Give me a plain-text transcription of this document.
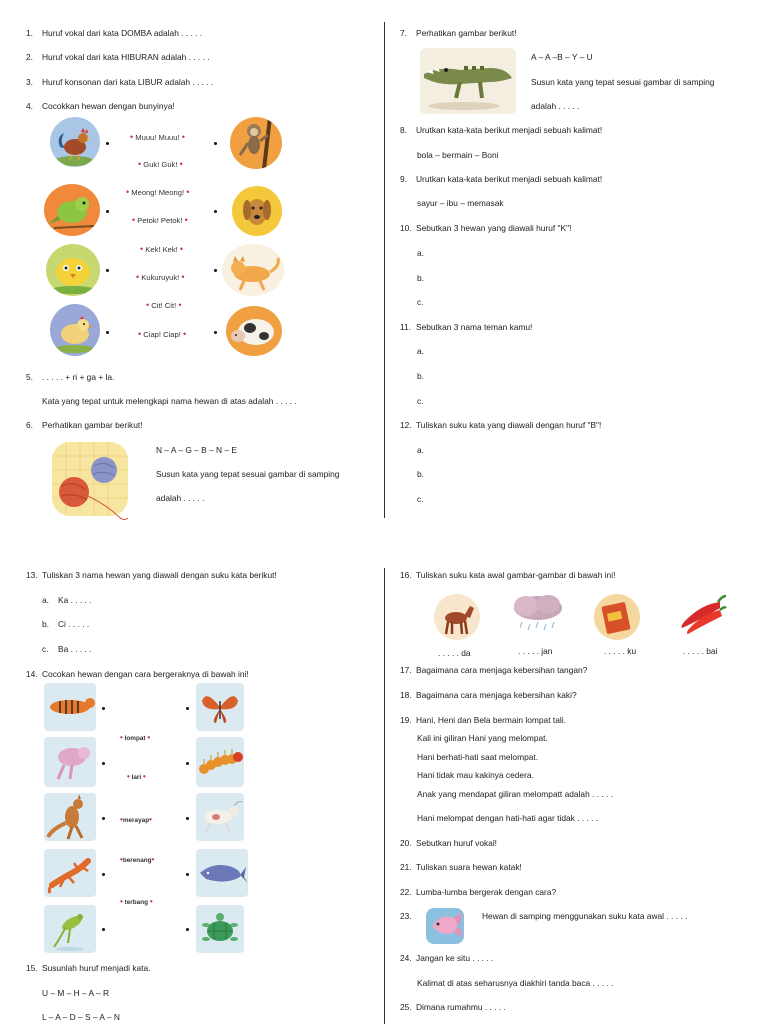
1. Huruf vokal dari kata DOMBA adalah . . . . .
2. Huruf vokal dari kata HIBURAN adalah . . . . .
3. Huruf konsonan dari kata LIBUR adalah . . . . .
4. Cocokkan hewan dengan bunyinya!
• Muuu! Muuu! •
• Guk! Guk! •
• Meong! Meong! •
• Petok! Petok! •
• Kek! Kek! •
• Kukuruyuk! •
• Cit! Cit! •
• Ciap! Ciap! •
5. . . . . . + ri + ga + la.
Kata yang tepat untuk melengkapi nama hewan di atas adalah . . . . .
6. Perhatikan gambar berikut!
N – A – G – B – N – E
Susun kata yang tepat sesuai gambar di samping
adalah . . . . .
7. Perhatikan gambar berikut!
A – A –B – Y – U
Susun kata yang tepat sesuai gambar di samping
adalah . . . . .
8. Urutkan kata-kata berikut menjadi sebuah kalimat!
bola – bermain – Boni
9. Urutkan kata-kata berikut menjadi sebuah kalimat!
sayur – ibu – memasak
10. Sebutkan 3 hewan yang diawali huruf "K"!
a.
b.
c.
11. Sebutkan 3 nama teman kamu!
a.
b.
c.
12. Tuliskan suku kata yang diawali dengan huruf "B"!
a.
b.
c.
13. Tuliskan 3 nama hewan yang diawali dengan suku kata berikut!
a. Ka . . . . .
b. Ci . . . . .
c. Ba . . . . .
14. Cocokan hewan dengan cara bergeraknya di bawah ini!
• lompat •
• lari •
•merayap•
•berenang•
• terbang •
15. Susunlah huruf menjadi kata.
U – M – H – A – R
L – A – D – S – A – N
16. Tuliskan suku kata awal gambar-gambar di bawah ini!
. . . . . da	. . . . . jan	. . . . . ku	. . . . . bai
17. Bagaimana cara menjaga kebersihan tangan?
18. Bagaimana cara menjaga kebersihan kaki?
19. Hani, Heni dan Bela bermain lompat tali.
Kali ini giliran Hani yang melompat.
Hani berhati-hati saat melompat.
Hani tidak mau kakinya cedera.
Anak yang mendapat giliran melompatt adalah . . . . .
Hani melompat dengan hati-hati agar tidak . . . . .
20. Sebutkan huruf vokal!
21. Tuliskan suara hewan katak!
22. Lumba-lumba bergerak dengan cara?
23.	Hewan di samping menggunakan suku kata awal . . . . .
24. Jangan ke situ . . . . .
Kalimat di atas seharusnya diakhiri tanda baca . . . . .
25. Dimana rumahmu . . . . .
